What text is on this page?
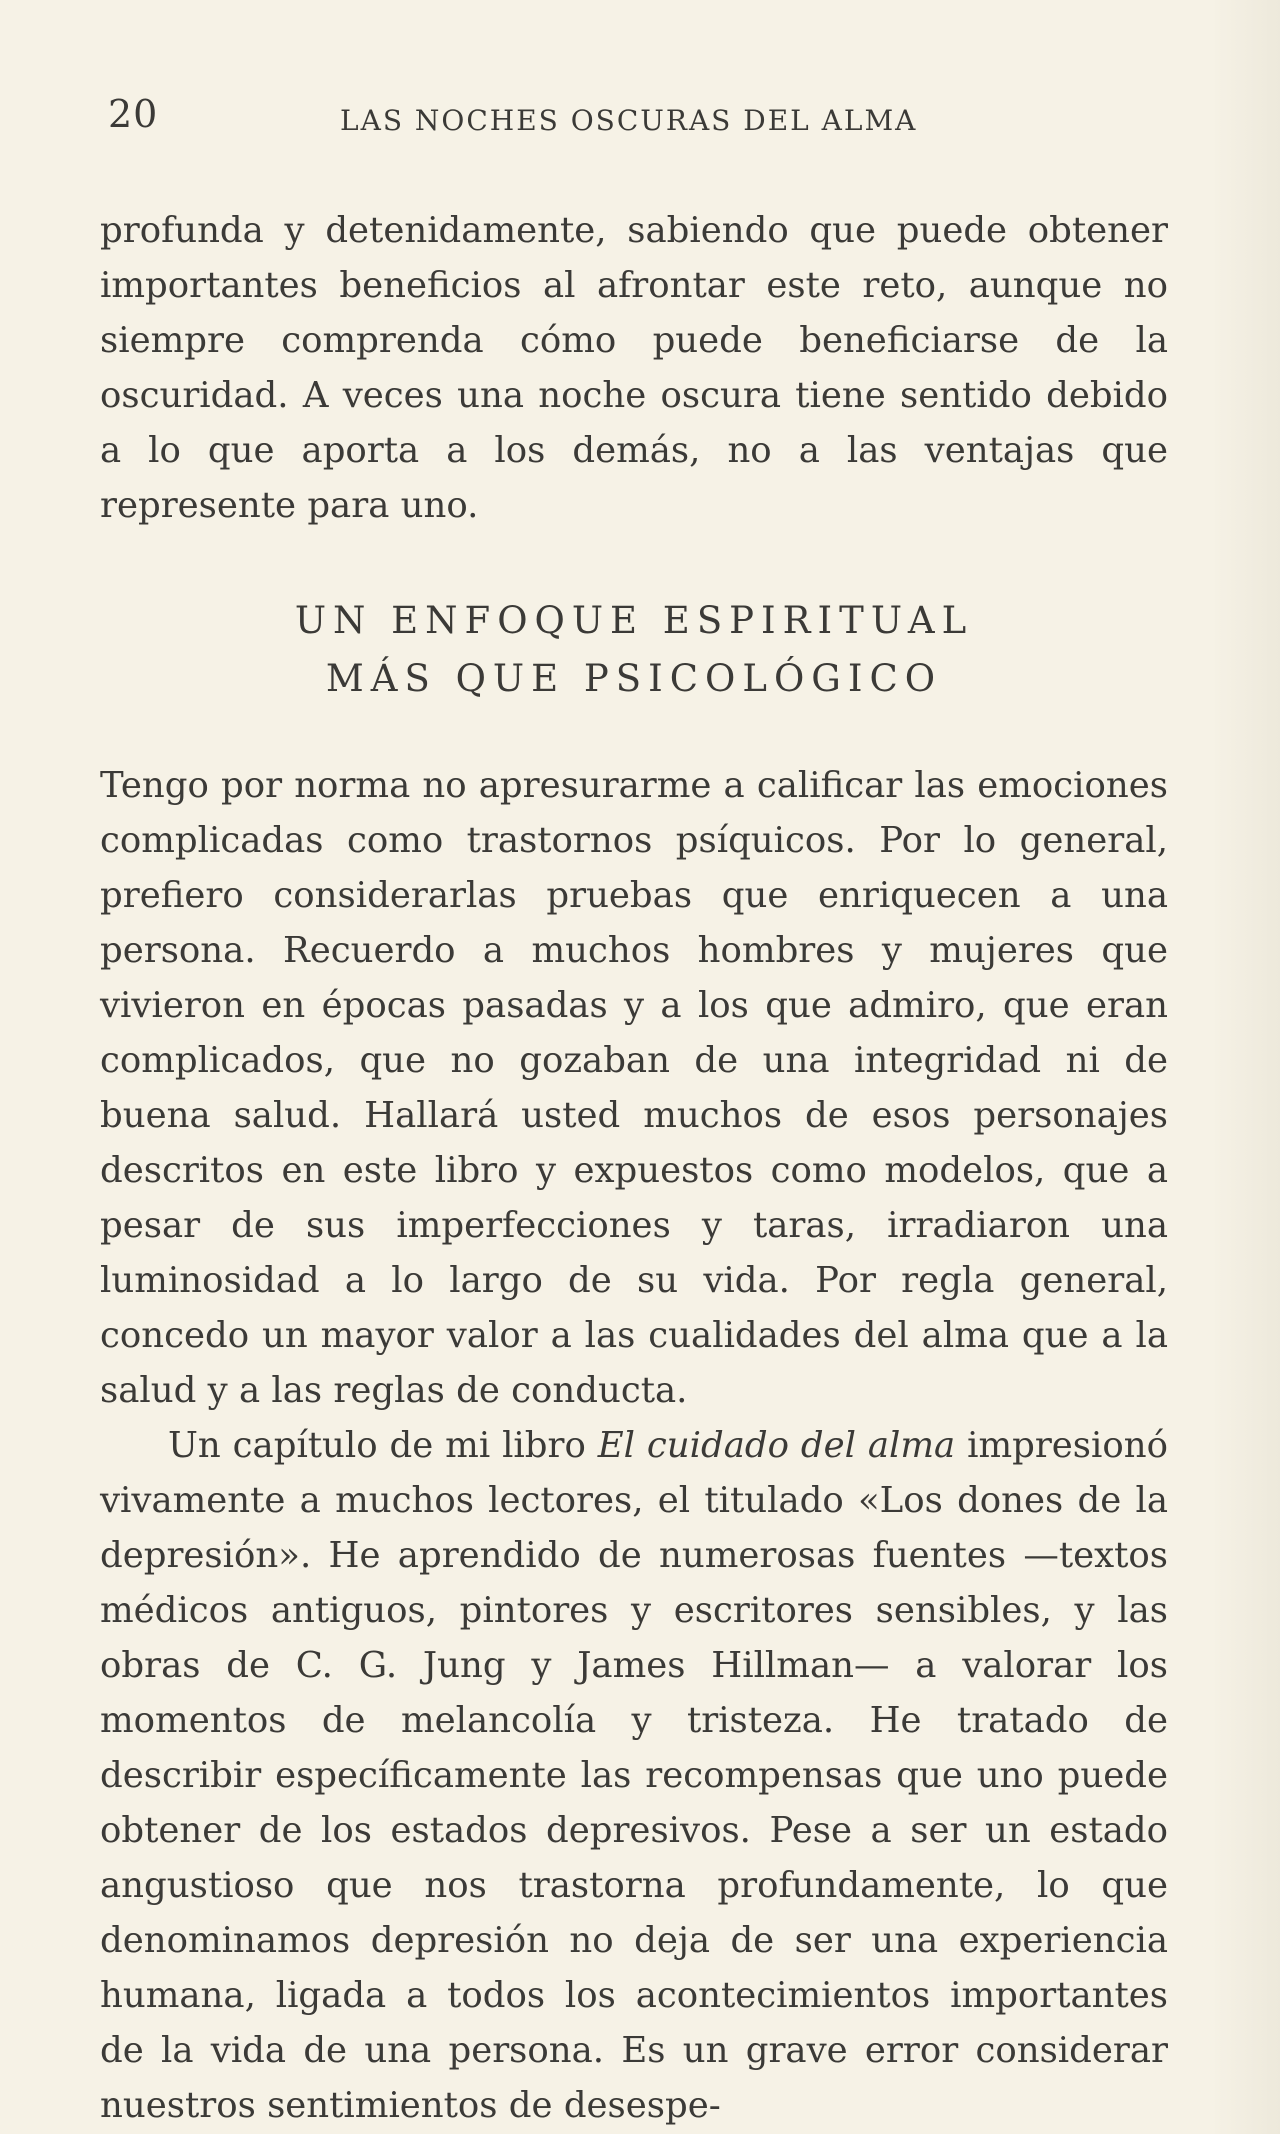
20	LAS NOCHES OSCURAS DEL ALMA

profunda y detenidamente, sabiendo que puede obtener importantes beneficios al afrontar este reto, aunque no siempre comprenda cómo puede beneficiarse de la oscuridad. A veces una noche oscura tiene sentido debido a lo que aporta a los demás, no a las ventajas que represente para uno.

UN ENFOQUE ESPIRITUAL
MÁS QUE PSICOLÓGICO

Tengo por norma no apresurarme a calificar las emociones complicadas como trastornos psíquicos. Por lo general, prefiero considerarlas pruebas que enriquecen a una persona. Recuerdo a muchos hombres y mujeres que vivieron en épocas pasadas y a los que admiro, que eran complicados, que no gozaban de una integridad ni de buena salud. Hallará usted muchos de esos personajes descritos en este libro y expuestos como modelos, que a pesar de sus imperfecciones y taras, irradiaron una luminosidad a lo largo de su vida. Por regla general, concedo un mayor valor a las cualidades del alma que a la salud y a las reglas de conducta.

Un capítulo de mi libro El cuidado del alma impresionó vivamente a muchos lectores, el titulado «Los dones de la depresión». He aprendido de numerosas fuentes —textos médicos antiguos, pintores y escritores sensibles, y las obras de C. G. Jung y James Hillman— a valorar los momentos de melancolía y tristeza. He tratado de describir específicamente las recompensas que uno puede obtener de los estados depresivos. Pese a ser un estado angustioso que nos trastorna profundamente, lo que denominamos depresión no deja de ser una experiencia humana, ligada a todos los acontecimientos importantes de la vida de una persona. Es un grave error considerar nuestros sentimientos de desespe-
